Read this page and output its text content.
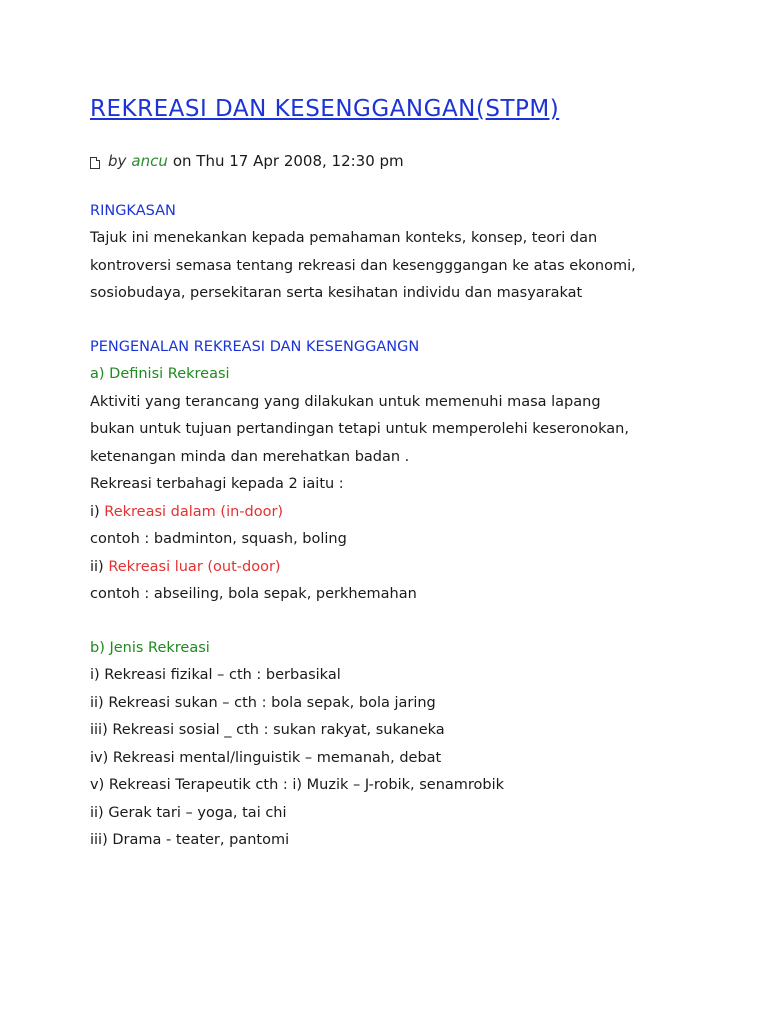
REKREASI DAN KESENGGANGAN(STPM)
by ancu on Thu 17 Apr 2008, 12:30 pm
RINGKASAN
Tajuk ini menekankan kepada pemahaman konteks, konsep, teori dan
kontroversi semasa tentang rekreasi dan kesengggangan ke atas ekonomi,
sosiobudaya, persekitaran serta kesihatan individu dan masyarakat
PENGENALAN REKREASI DAN KESENGGANGN
a) Definisi Rekreasi
Aktiviti yang terancang yang dilakukan untuk memenuhi masa lapang
bukan untuk tujuan pertandingan tetapi untuk memperolehi keseronokan,
ketenangan minda dan merehatkan badan .
Rekreasi terbahagi kepada 2 iaitu :
i) Rekreasi dalam (in-door)
contoh : badminton, squash, boling
ii) Rekreasi luar (out-door)
contoh : abseiling, bola sepak, perkhemahan
b) Jenis Rekreasi
i) Rekreasi fizikal – cth : berbasikal
ii) Rekreasi sukan – cth : bola sepak, bola jaring
iii) Rekreasi sosial _ cth : sukan rakyat, sukaneka
iv) Rekreasi mental/linguistik – memanah, debat
v) Rekreasi Terapeutik cth : i) Muzik – J-robik, senamrobik
ii) Gerak tari – yoga, tai chi
iii) Drama - teater, pantomi
